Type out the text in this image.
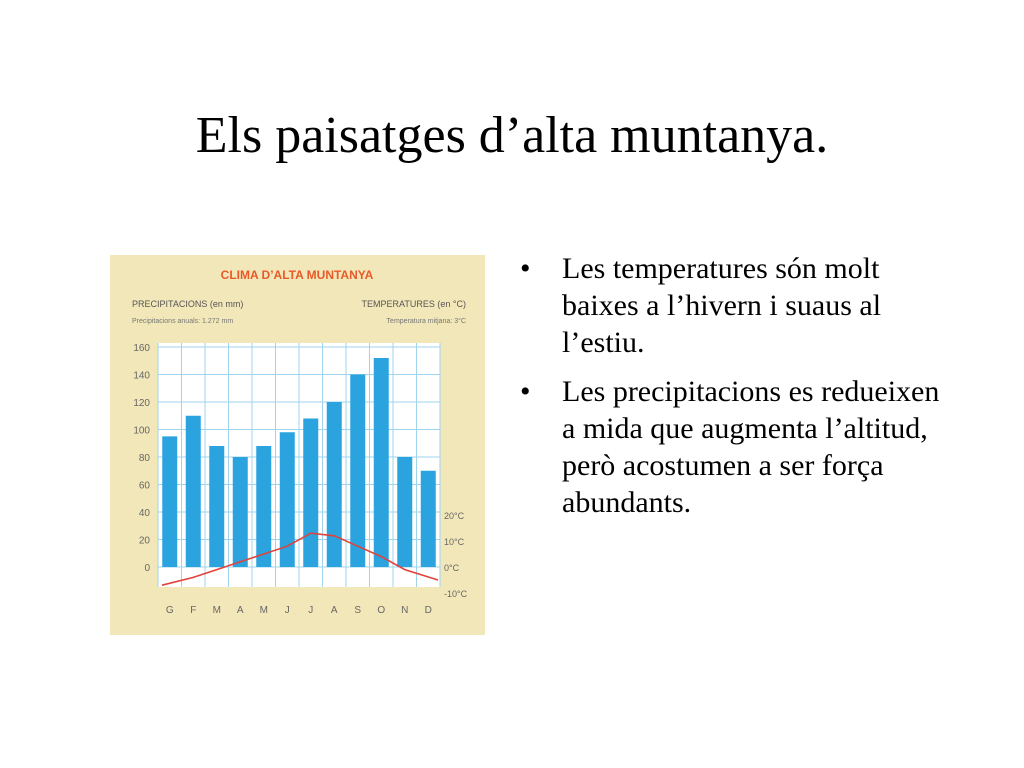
Els paisatges d’alta muntanya.
CLIMA D’ALTA MUNTANYA
PRECIPITACIONS (en mm)
Precipitacions anuals: 1.272 mm
TEMPERATURES (en °C)
Temperatura mitjana: 3°C
160
140
120
100
80
60
40
20
0
20°C
10°C
0°C
-10°C
G F M A M J J A S O N D
• Les temperatures són molt baixes a l’hivern i suaus al l’estiu.
• Les precipitacions es redueixen a mida que augmenta l’altitud, però acostumen a ser força abundants.
